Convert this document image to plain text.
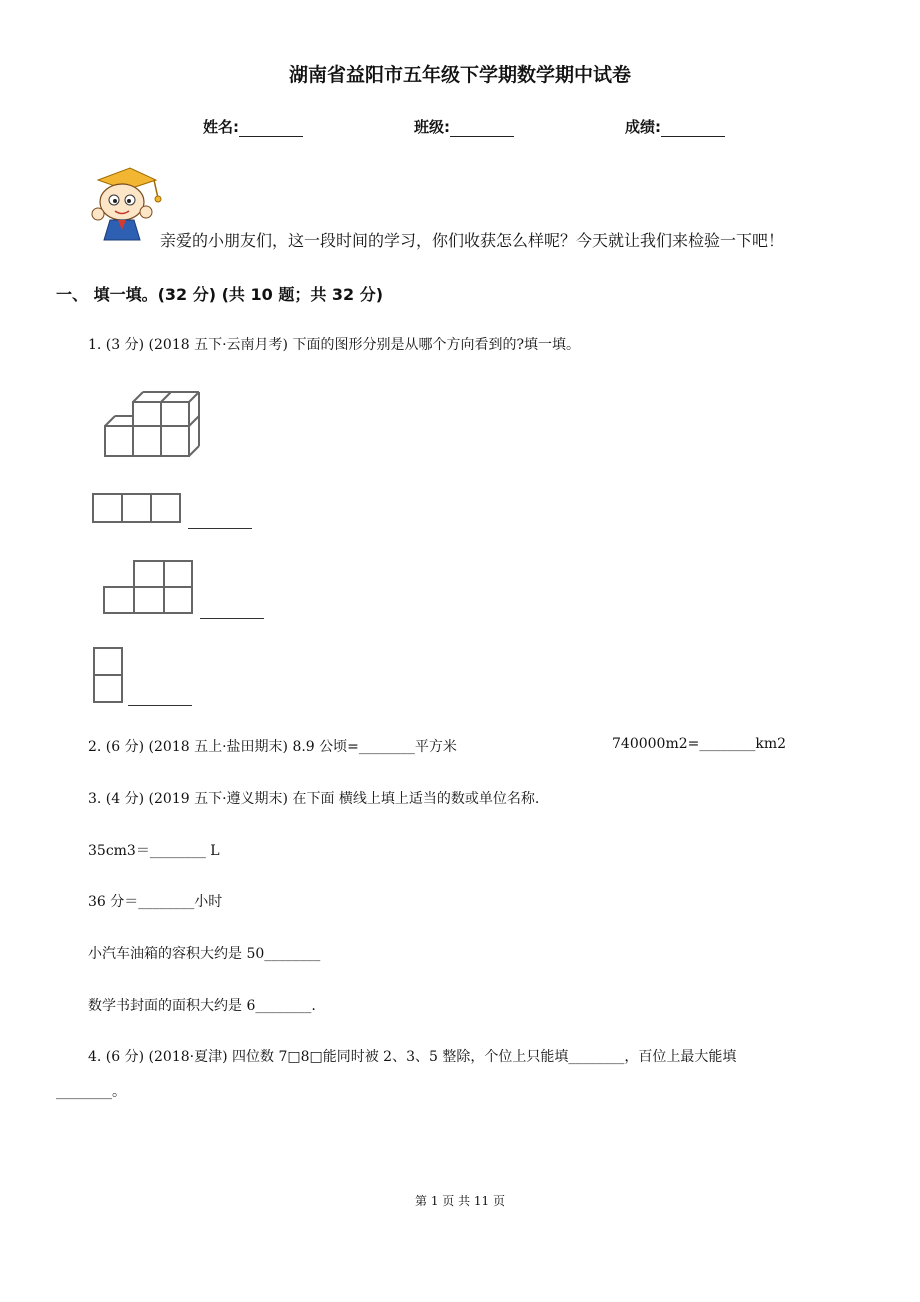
湖南省益阳市五年级下学期数学期中试卷
姓名:	班级:	成绩:
亲爱的小朋友们，这一段时间的学习，你们收获怎么样呢？今天就让我们来检验一下吧！
一、 填一填。(32 分) (共 10 题；共 32 分)
1. (3 分) (2018 五下·云南月考) 下面的图形分别是从哪个方向看到的?填一填。
2. (6 分) (2018 五上·盐田期末) 8.9 公顷=________平方米	740000m2=________km2
3. (4 分) (2019 五下·遵义期末) 在下面 横线上填上适当的数或单位名称.
35cm3＝________ L
36 分＝________小时
小汽车油箱的容积大约是 50________
数学书封面的面积大约是 6________.
4. (6 分) (2018·夏津) 四位数 7□8□能同时被 2、3、5 整除，个位上只能填________，百位上最大能填
________。
第 1 页 共 11 页
